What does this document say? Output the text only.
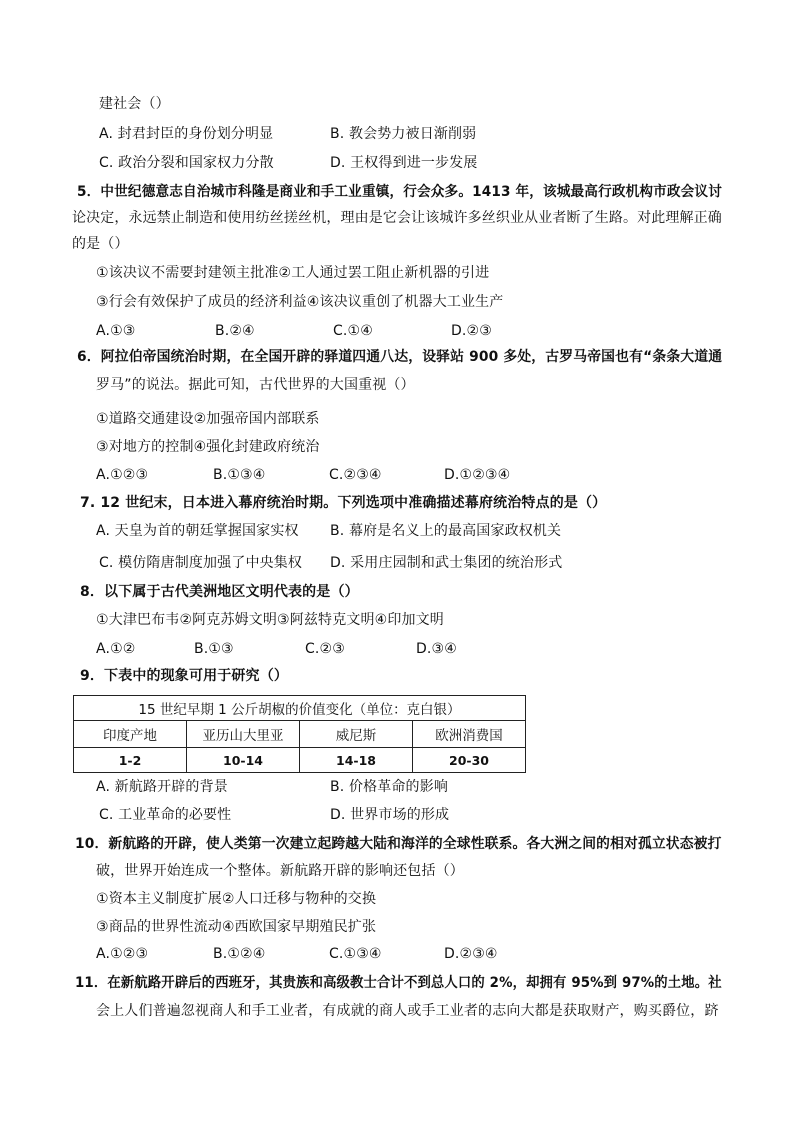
建社会（）
A. 封君封臣的身份划分明显	B. 教会势力被日渐削弱
C. 政治分裂和国家权力分散	D. 王权得到进一步发展
5．中世纪德意志自治城市科隆是商业和手工业重镇，行会众多。1413 年，该城最高行政机构市政会议讨
论决定，永远禁止制造和使用纺丝搓丝机，理由是它会让该城许多丝织业从业者断了生路。对此理解正确
的是（）
①该决议不需要封建领主批准②工人通过罢工阻止新机器的引进
③行会有效保护了成员的经济利益④该决议重创了机器大工业生产
A.①③	B.②④	C.①④	D.②③
6．阿拉伯帝国统治时期，在全国开辟的驿道四通八达，设驿站 900 多处，古罗马帝国也有“条条大道通
罗马”的说法。据此可知，古代世界的大国重视（）
①道路交通建设②加强帝国内部联系
③对地方的控制④强化封建政府统治
A.①②③	B.①③④	C.②③④	D.①②③④
7. 12 世纪末，日本进入幕府统治时期。下列选项中准确描述幕府统治特点的是（）
A. 天皇为首的朝廷掌握国家实权 B. 幕府是名义上的最高国家政权机关
C. 模仿隋唐制度加强了中央集权 D. 采用庄园制和武士集团的统治形式
8．以下属于古代美洲地区文明代表的是（）
①大津巴布韦②阿克苏姆文明③阿兹特克文明④印加文明
A.①②	B.①③	C.②③	D.③④
9．下表中的现象可用于研究（）
15 世纪早期 1 公斤胡椒的价值变化（单位：克白银）			
印度产地	亚历山大里亚	威尼斯	欧洲消费国
1-2	10-14	14-18	20-30
A. 新航路开辟的背景	B. 价格革命的影响
C. 工业革命的必要性	D. 世界市场的形成
10．新航路的开辟，使人类第一次建立起跨越大陆和海洋的全球性联系。各大洲之间的相对孤立状态被打
破，世界开始连成一个整体。新航路开辟的影响还包括（）
①资本主义制度扩展②人口迁移与物种的交换
③商品的世界性流动④西欧国家早期殖民扩张
A.①②③	B.①②④	C.①③④	D.②③④
11．在新航路开辟后的西班牙，其贵族和高级教士合计不到总人口的 2%，却拥有 95%到 97%的土地。社
会上人们普遍忽视商人和手工业者，有成就的商人或手工业者的志向大都是获取财产，购买爵位，跻
